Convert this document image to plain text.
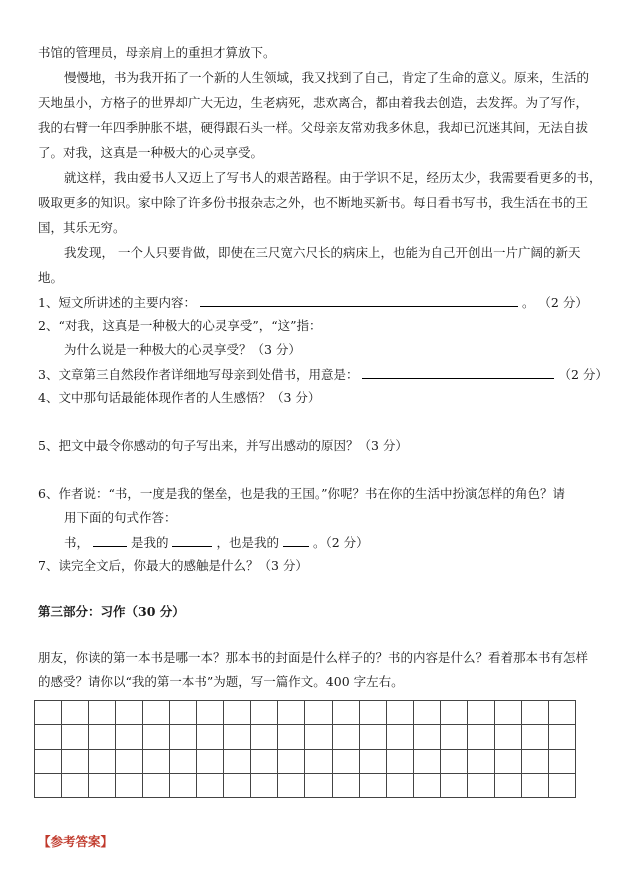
书馆的管理员，母亲肩上的重担才算放下。
慢慢地，书为我开拓了一个新的人生领域，我又找到了自己，肯定了生命的意义。原来，生活的
天地虽小，方格子的世界却广大无边，生老病死，悲欢离合，都由着我去创造，去发挥。为了写作，
我的右臂一年四季肿胀不堪，硬得跟石头一样。父母亲友常劝我多休息，我却已沉迷其间，无法自拔
了。对我，这真是一种极大的心灵享受。
就这样，我由爱书人又迈上了写书人的艰苦路程。由于学识不足，经历太少，我需要看更多的书，
吸取更多的知识。家中除了许多份书报杂志之外，也不断地买新书。每日看书写书，我生活在书的王
国，其乐无穷。
我发现， 一个人只要肯做，即使在三尺宽六尺长的病床上，也能为自己开创出一片广阔的新天
地。
1、短文所讲述的主要内容：	。 （2 分）
2、“对我，这真是一种极大的心灵享受”，“这”指：
为什么说是一种极大的心灵享受？（3 分）
3、文章第三自然段作者详细地写母亲到处借书，用意是：	（2 分）
4、文中那句话最能体现作者的人生感悟？（3 分）
5、把文中最令你感动的句子写出来，并写出感动的原因？（3 分）
6、作者说：“书，一度是我的堡垒，也是我的王国。”你呢？书在你的生活中扮演怎样的角色？请
用下面的句式作答：
书，	是我的	，也是我的	。（2 分）
7、读完全文后，你最大的感触是什么？（3 分）
第三部分：习作（30 分）
朋友，你读的第一本书是哪一本？那本书的封面是什么样子的？书的内容是什么？看着那本书有怎样
的感受？请你以“我的第一本书”为题，写一篇作文。400 字左右。
【参考答案】
